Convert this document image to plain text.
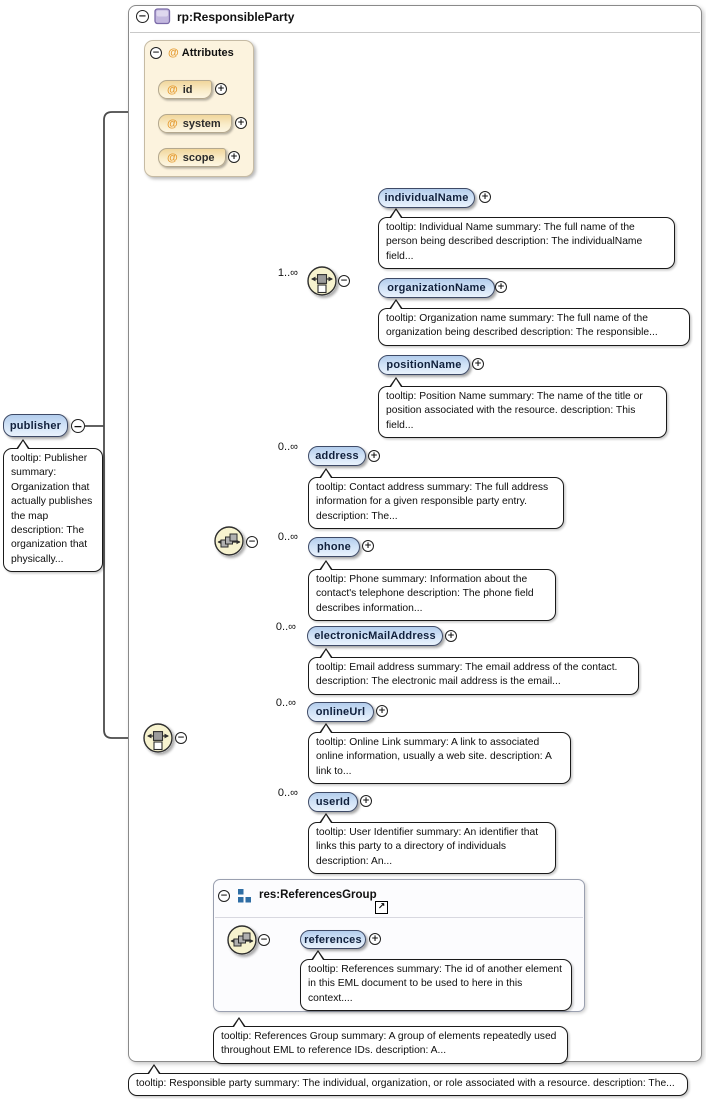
−	rp:ResponsibleParty
− @ Attributes
@ id	+
@ system +
@ scope +
publisher	−
tooltip: Publisher summary: Organization that actually publishes the map description: The organization that physically...
−
−
−
1..∞
individualName	+
tooltip: Individual Name summary: The full name of the person being described description: The individualName field...
organizationName	+
tooltip: Organization name summary: The full name of the organization being described description: The responsible...
positionName	+
tooltip: Position Name summary: The name of the title or position associated with the resource. description: This field...
0..∞
address	+
tooltip: Contact address summary: The full address information for a given responsible party entry. description: The...
0..∞
phone	+
tooltip: Phone summary: Information about the contact's telephone description: The phone field describes information...
0..∞
electronicMailAddress	+
tooltip: Email address summary: The email address of the contact. description: The electronic mail address is the email...
0..∞
onlineUrl	+
tooltip: Online Link summary: A link to associated online information, usually a web site. description: A link to...
0..∞
userId	+
tooltip: User Identifier summary: An identifier that links this party to a directory of individuals description: An...
−	res:ReferencesGroup
↗
−	references	+
tooltip: References summary: The id of another element in this EML document to be used to here in this context....
tooltip: References Group summary: A group of elements repeatedly used throughout EML to reference IDs. description: A...
tooltip: Responsible party summary: The individual, organization, or role associated with a resource. description: The...
